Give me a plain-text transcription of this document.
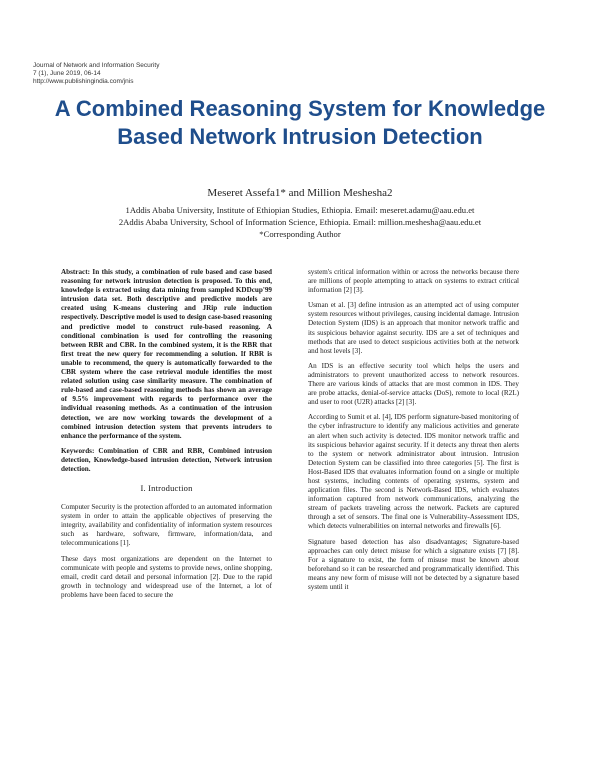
Journal of Network and Information Security
7 (1), June 2019, 06-14
http://www.publishingindia.com/jnis
A Combined Reasoning System for Knowledge Based Network Intrusion Detection
Meseret Assefa1* and Million Meshesha2
1Addis Ababa University, Institute of Ethiopian Studies, Ethiopia. Email: meseret.adamu@aau.edu.et
2Addis Ababa University, School of Information Science, Ethiopia. Email: million.meshesha@aau.edu.et
*Corresponding Author

Abstract: In this study, a combination of rule based and case based reasoning for network intrusion detection is proposed. To this end, knowledge is extracted using data mining from sampled KDDcup'99 intrusion data set. Both descriptive and predictive models are created using K-means clustering and JRip rule induction respectively. Descriptive model is used to design case-based reasoning and predictive model to construct rule-based reasoning. A conditional combination is used for controlling the reasoning between RBR and CBR. In the combined system, it is the RBR that first treat the new query for recommending a solution. If RBR is unable to recommend, the query is automatically forwarded to the CBR system where the case retrieval module identifies the most related solution using case similarity measure. The combination of rule-based and case-based reasoning methods has shown an average of 9.5% improvement with regards to performance over the individual reasoning methods. As a continuation of the intrusion detection, we are now working towards the development of a combined intrusion detection system that prevents intruders to enhance the performance of the system.

Keywords: Combination of CBR and RBR, Combined intrusion detection, Knowledge-based intrusion detection, Network intrusion detection.

I. Introduction

Computer Security is the protection afforded to an automated information system in order to attain the applicable objectives of preserving the integrity, availability and confidentiality of information system resources such as hardware, software, firmware, information/data, and telecommunications [1].

These days most organizations are dependent on the Internet to communicate with people and systems to provide news, online shopping, email, credit card detail and personal information [2]. Due to the rapid growth in technology and widespread use of the Internet, a lot of problems have been faced to secure the

system's critical information within or across the networks because there are millions of people attempting to attack on systems to extract critical information [2] [3].

Usman et al. [3] define intrusion as an attempted act of using computer system resources without privileges, causing incidental damage. Intrusion Detection System (IDS) is an approach that monitor network traffic and its suspicious behavior against security. IDS are a set of techniques and methods that are used to detect suspicious activities both at the network and host levels [3].

An IDS is an effective security tool which helps the users and administrators to prevent unauthorized access to network resources. There are various kinds of attacks that are most common in IDS. They are probe attacks, denial-of-service attacks (DoS), remote to local (R2L) and user to root (U2R) attacks [2] [3].

According to Sumit et al. [4], IDS perform signature-based monitoring of the cyber infrastructure to identify any malicious activities and generate an alert when such activity is detected. IDS monitor network traffic and its suspicious behavior against security. If it detects any threat then alerts to the system or network administrator about intrusion. Intrusion Detection System can be classified into three categories [5]. The first is Host-Based IDS that evaluates information found on a single or multiple host systems, including contents of operating systems, system and application files. The second is Network-Based IDS, which evaluates information captured from network communications, analyzing the stream of packets traveling across the network. Packets are captured through a set of sensors. The final one is Vulnerability-Assessment IDS, which detects vulnerabilities on internal networks and firewalls [6].

Signature based detection has also disadvantages; Signature-based approaches can only detect misuse for which a signature exists [7] [8]. For a signature to exist, the form of misuse must be known about beforehand so it can be researched and programmatically identified. This means any new form of misuse will not be detected by a signature based system until it
